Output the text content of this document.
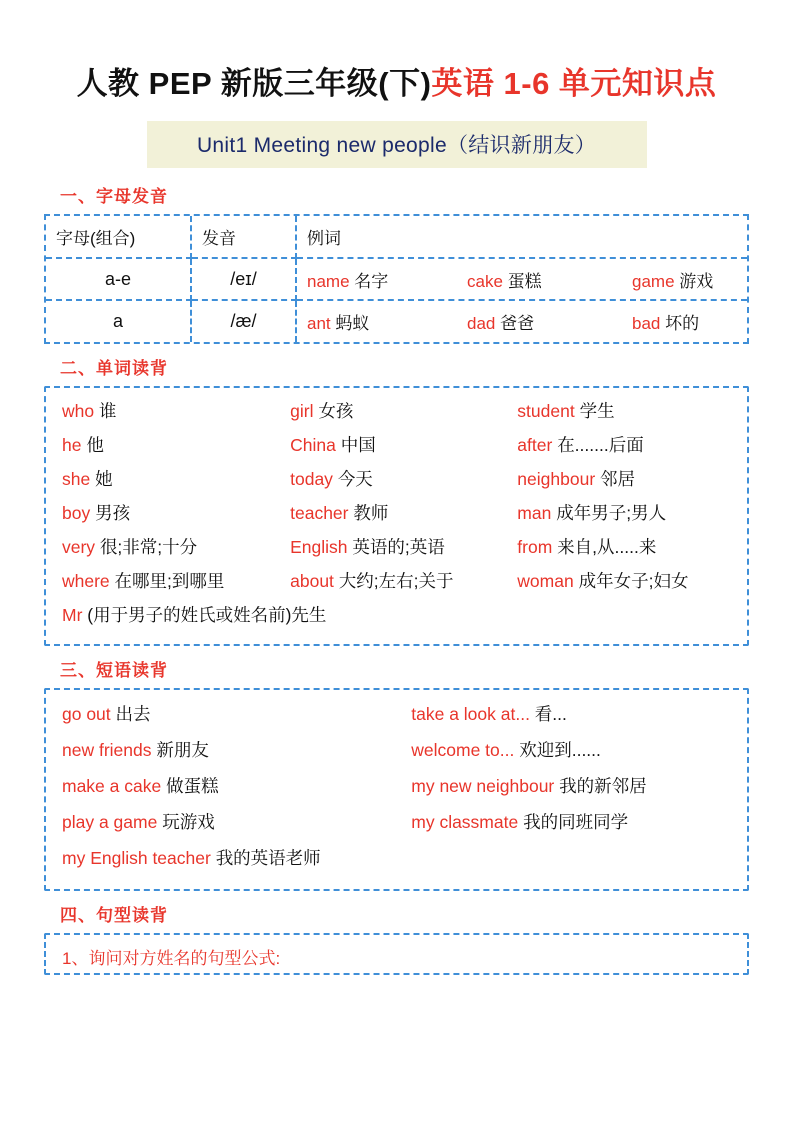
人教 PEP 新版三年级(下)英语 1-6 单元知识点
Unit1 Meeting new people（结识新朋友）
一、字母发音
字母(组合)	发音	例词
a-e	/eɪ/	name 名字 cake 蛋糕 game 游戏

a	/æ/	ant 蚂蚁 dad 爸爸 bad 坏的
二、单词读背
who 谁	girl 女孩	student 学生
he 他	China 中国	after 在.......后面
she 她	today 今天	neighbour 邻居
boy 男孩	teacher 教师	man 成年男子;男人
very 很;非常;十分	English 英语的;英语	from 来自,从.....来
where 在哪里;到哪里	about 大约;左右;关于	woman 成年女子;妇女
Mr (用于男子的姓氏或姓名前)先生
三、短语读背
go out 出去	take a look at... 看...
new friends 新朋友	welcome to... 欢迎到......
make a cake 做蛋糕	my new neighbour 我的新邻居
play a game 玩游戏	my classmate 我的同班同学
my English teacher 我的英语老师
四、句型读背
1、询问对方姓名的句型公式:
